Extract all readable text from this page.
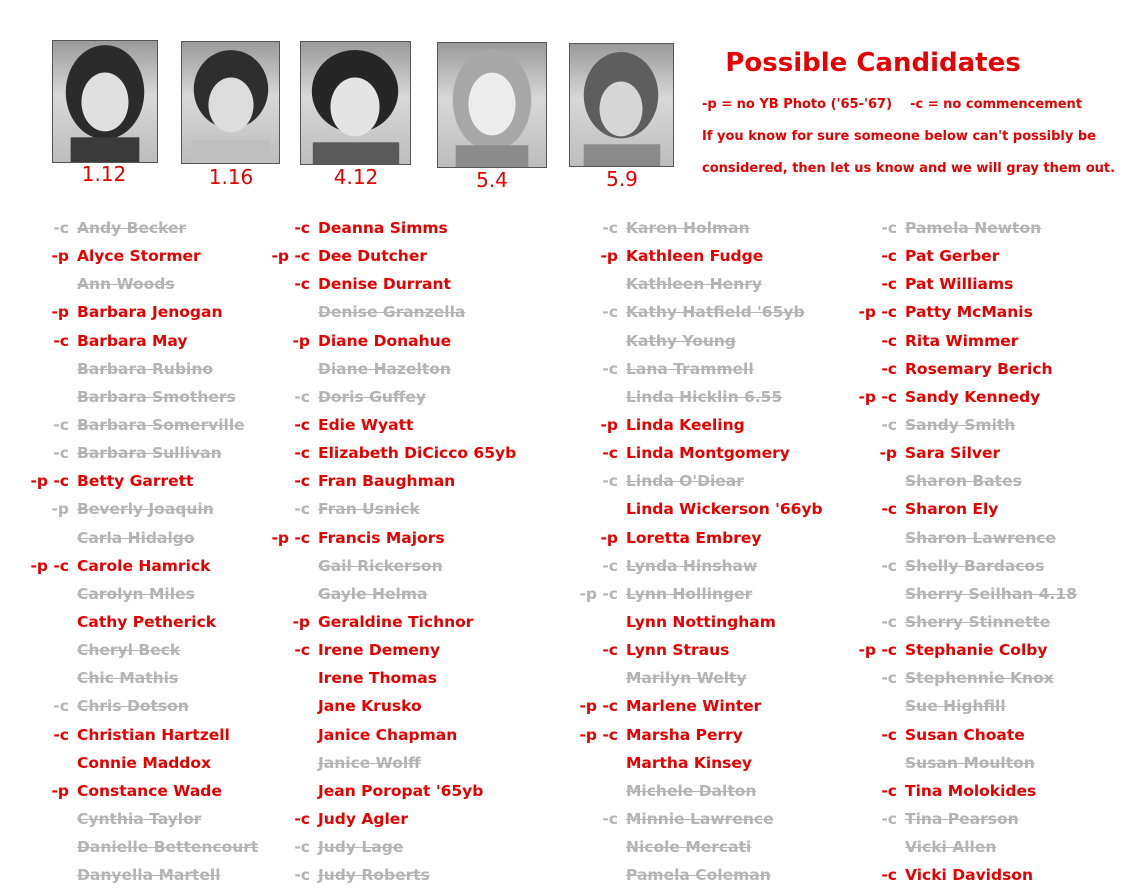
1.12	1.16	4.12	5.4	5.9
Possible Candidates
-p = no YB Photo ('65-'67)    -c = no commencement
If you know for sure someone below can't possibly be
considered, then let us know and we will gray them out.
-c Andy Becker
-p Alyce Stormer
Ann Woods
-p Barbara Jenogan
-c Barbara May
Barbara Rubino
Barbara Smothers
-c Barbara Somerville
-c Barbara Sullivan
-p -c Betty Garrett
-p Beverly Joaquin
Carla Hidalgo
-p -c Carole Hamrick
Carolyn Miles
Cathy Petherick
Cheryl Beck
Chic Mathis
-c Chris Dotson
-c Christian Hartzell
Connie Maddox
-p Constance Wade
Cynthia Taylor
Danielle Bettencourt
Danyella Martell
-c Deanna Simms
-p -c Dee Dutcher
-c Denise Durrant
Denise Granzella
-p Diane Donahue
Diane Hazelton
-c Doris Guffey
-c Edie Wyatt
-c Elizabeth DiCicco 65yb
-c Fran Baughman
-c Fran Usnick
-p -c Francis Majors
Gail Rickerson
Gayle Helma
-p Geraldine Tichnor
-c Irene Demeny
Irene Thomas
Jane Krusko
Janice Chapman
Janice Wolff
Jean Poropat '65yb
-c Judy Agler
-c Judy Lage
-c Judy Roberts
-c Karen Holman
-p Kathleen Fudge
Kathleen Henry
-c Kathy Hatfield '65yb
Kathy Young
-c Lana Trammell
Linda Hicklin 6.55
-p Linda Keeling
-c Linda Montgomery
-c Linda O'Diear
Linda Wickerson '66yb
-p Loretta Embrey
-c Lynda Hinshaw
-p -c Lynn Hollinger
Lynn Nottingham
-c Lynn Straus
Marilyn Welty
-p -c Marlene Winter
-p -c Marsha Perry
Martha Kinsey
Michele Dalton
-c Minnie Lawrence
Nicole Mercati
Pamela Coleman
-c Pamela Newton
-c Pat Gerber
-c Pat Williams
-p -c Patty McManis
-c Rita Wimmer
-c Rosemary Berich
-p -c Sandy Kennedy
-c Sandy Smith
-p Sara Silver
Sharon Bates
-c Sharon Ely
Sharon Lawrence
-c Shelly Bardacos
Sherry Seilhan 4.18
-c Sherry Stinnette
-p -c Stephanie Colby
-c Stephennie Knox
Sue Highfill
-c Susan Choate
Susan Moulton
-c Tina Molokides
-c Tina Pearson
Vicki Allen
-c Vicki Davidson
